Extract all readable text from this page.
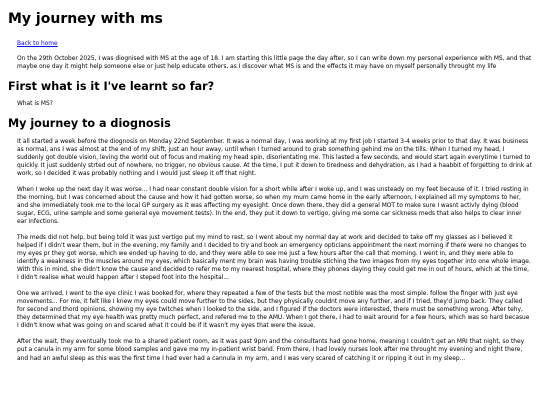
My journey with ms
Back to home

On the 29th October 2025, I was diognised with MS at the age of 18. I am starting this little page the day after, so I can write down my personal experience with MS, and that maybe one day it might help someone else or just help educate others, as I discover what MS is and the effects it may have on myself personally throught my life

First what is it I've learnt so far?

What is MS?

My journey to a diognosis

It all started a week before the diognosis on Monday 22nd September. It was a normal day, I was working at my first job I started 3-4 weeks prior to that day. It was business as normal, ans I was almost at the end of my shift, just an hour away, until when I turned around to grab something gehind me on the tills. When I turned my head, I suddenly got double vision, leving the world out of focus and making my head spin, disorientating me. This lasted a few seconds, and would start again everytime I turned to quickly. It just suddenly strted out of nowhere, no trigger, no obvious cause. At the time, I put it down to tiredness and dehydration, as I had a haabbit of forgetting to drink at work, so I decided it was probably nothing and I would just sleep it off that night.

When I woke up the next day it was worse... I had near constant double vision for a short while after I woke up, and I was unsteady on my feet because of it. I tried resting in the morning, but I was concerned about the cause and how it had gotten worse, so when my mum came home in the early afternoon, I explained all my symptoms to her, and she immediately took me to the local GP surgery as it was affecting my eyesight. Once down there, they did a general MOT to make sure I wasnt activly dying (blood sugar, ECG, urine sample and some general eye movement tests). In the end, they put it down to vertigo, giving me some car sickness meds that also helps to clear inner ear infections.

The meds did not help, but being told it was just vertigo put my mind to rest, so I went about my normal day at work and decided to take off my glasses as I believed it helped if I didn't wear them, but in the evening, my family and I decided to try and book an emergency opticians appointment the next morning if there were no changes to my eyes pr they got worse, which we ended up having to do, and they were able to see me just a few hours after the call that morning. I went in, and they were able to identify a weakness in the muscles around my eyes, which basically ment my brain was having trouble stiching the two images from my eyes together into one whole image. With this in mind, she didn't know the cause and decided to refer me to my nearest hospital, where they phones daying they could get me in out of hours, which at the time, I didn't realise what would happen after I steped foot into the hospital...

One we arrived, I went to the eye clinic I was booked for, where they repeated a few of the tests but the most notible was the most simple. follow the finger with just eye movements... For me, it felt like I knew my eyes could move further to the sides, but they physically couldnt move any further, and if I tried, they'd jump back. They called for second and thord opinions, showing my eye twitches when I looked to the side, and I figured if the doctors were interested, there must be something wrong. After tehy, they determined that my eye health was pretty much perfect, and refered me to the AMU. When I got there, I had to wait around for a few hours, which was so hard becasue I didn't know what was going on and scared what it could be if it wasn't my eyes that were the issue.

After the wait, they eventually took me to a shared patient room, as it was past 9pm and the consultants had gone home, meaning I couldn't get an MRI that night, so they put a canula in my arm for some blood samples and gave me my in-patient wrist band. From there, I had lovely nurses look after me throught my evening and night there, and had an awful sleep as this was the first time I had ever had a cannula in my arm, and I was very scared of catching it or ripping it out in my sleep...
